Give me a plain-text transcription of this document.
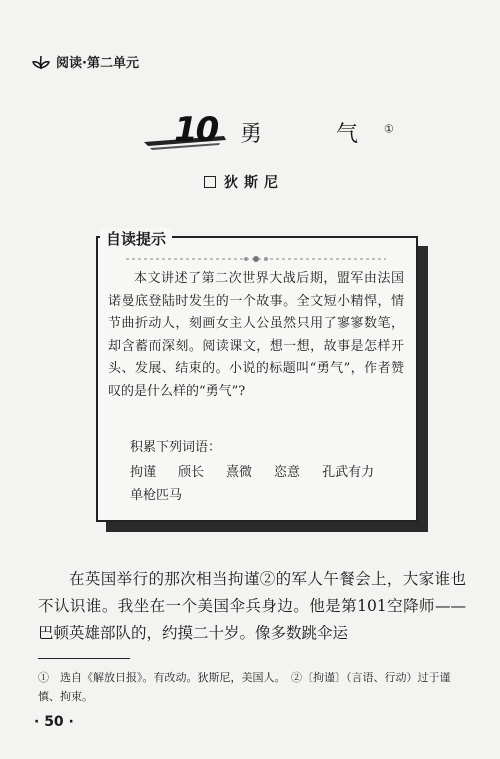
阅读·第二单元
10 勇　气①
狄斯尼
自读提示
本文讲述了第二次世界大战后期，盟军由法国诺曼底登陆时发生的一个故事。全文短小精悍，情节曲折动人，刻画女主人公虽然只用了寥寥数笔，却含蓄而深刻。阅读课文，想一想，故事是怎样开头、发展、结束的。小说的标题叫“勇气”，作者赞叹的是什么样的“勇气”?
积累下列词语：
拘谨 颀长 熹微 恣意 孔武有力
单枪匹马
在英国举行的那次相当拘谨②的军人午餐会上，大家谁也不认识谁。我坐在一个美国伞兵身边。他是第101空降师——巴顿英雄部队的，约摸二十岁。像多数跳伞运
①　选自《解放日报》。有改动。狄斯尼，美国人。　②〔拘谨〕（言语、行动）过于谨慎、拘束。
· 50 ·
